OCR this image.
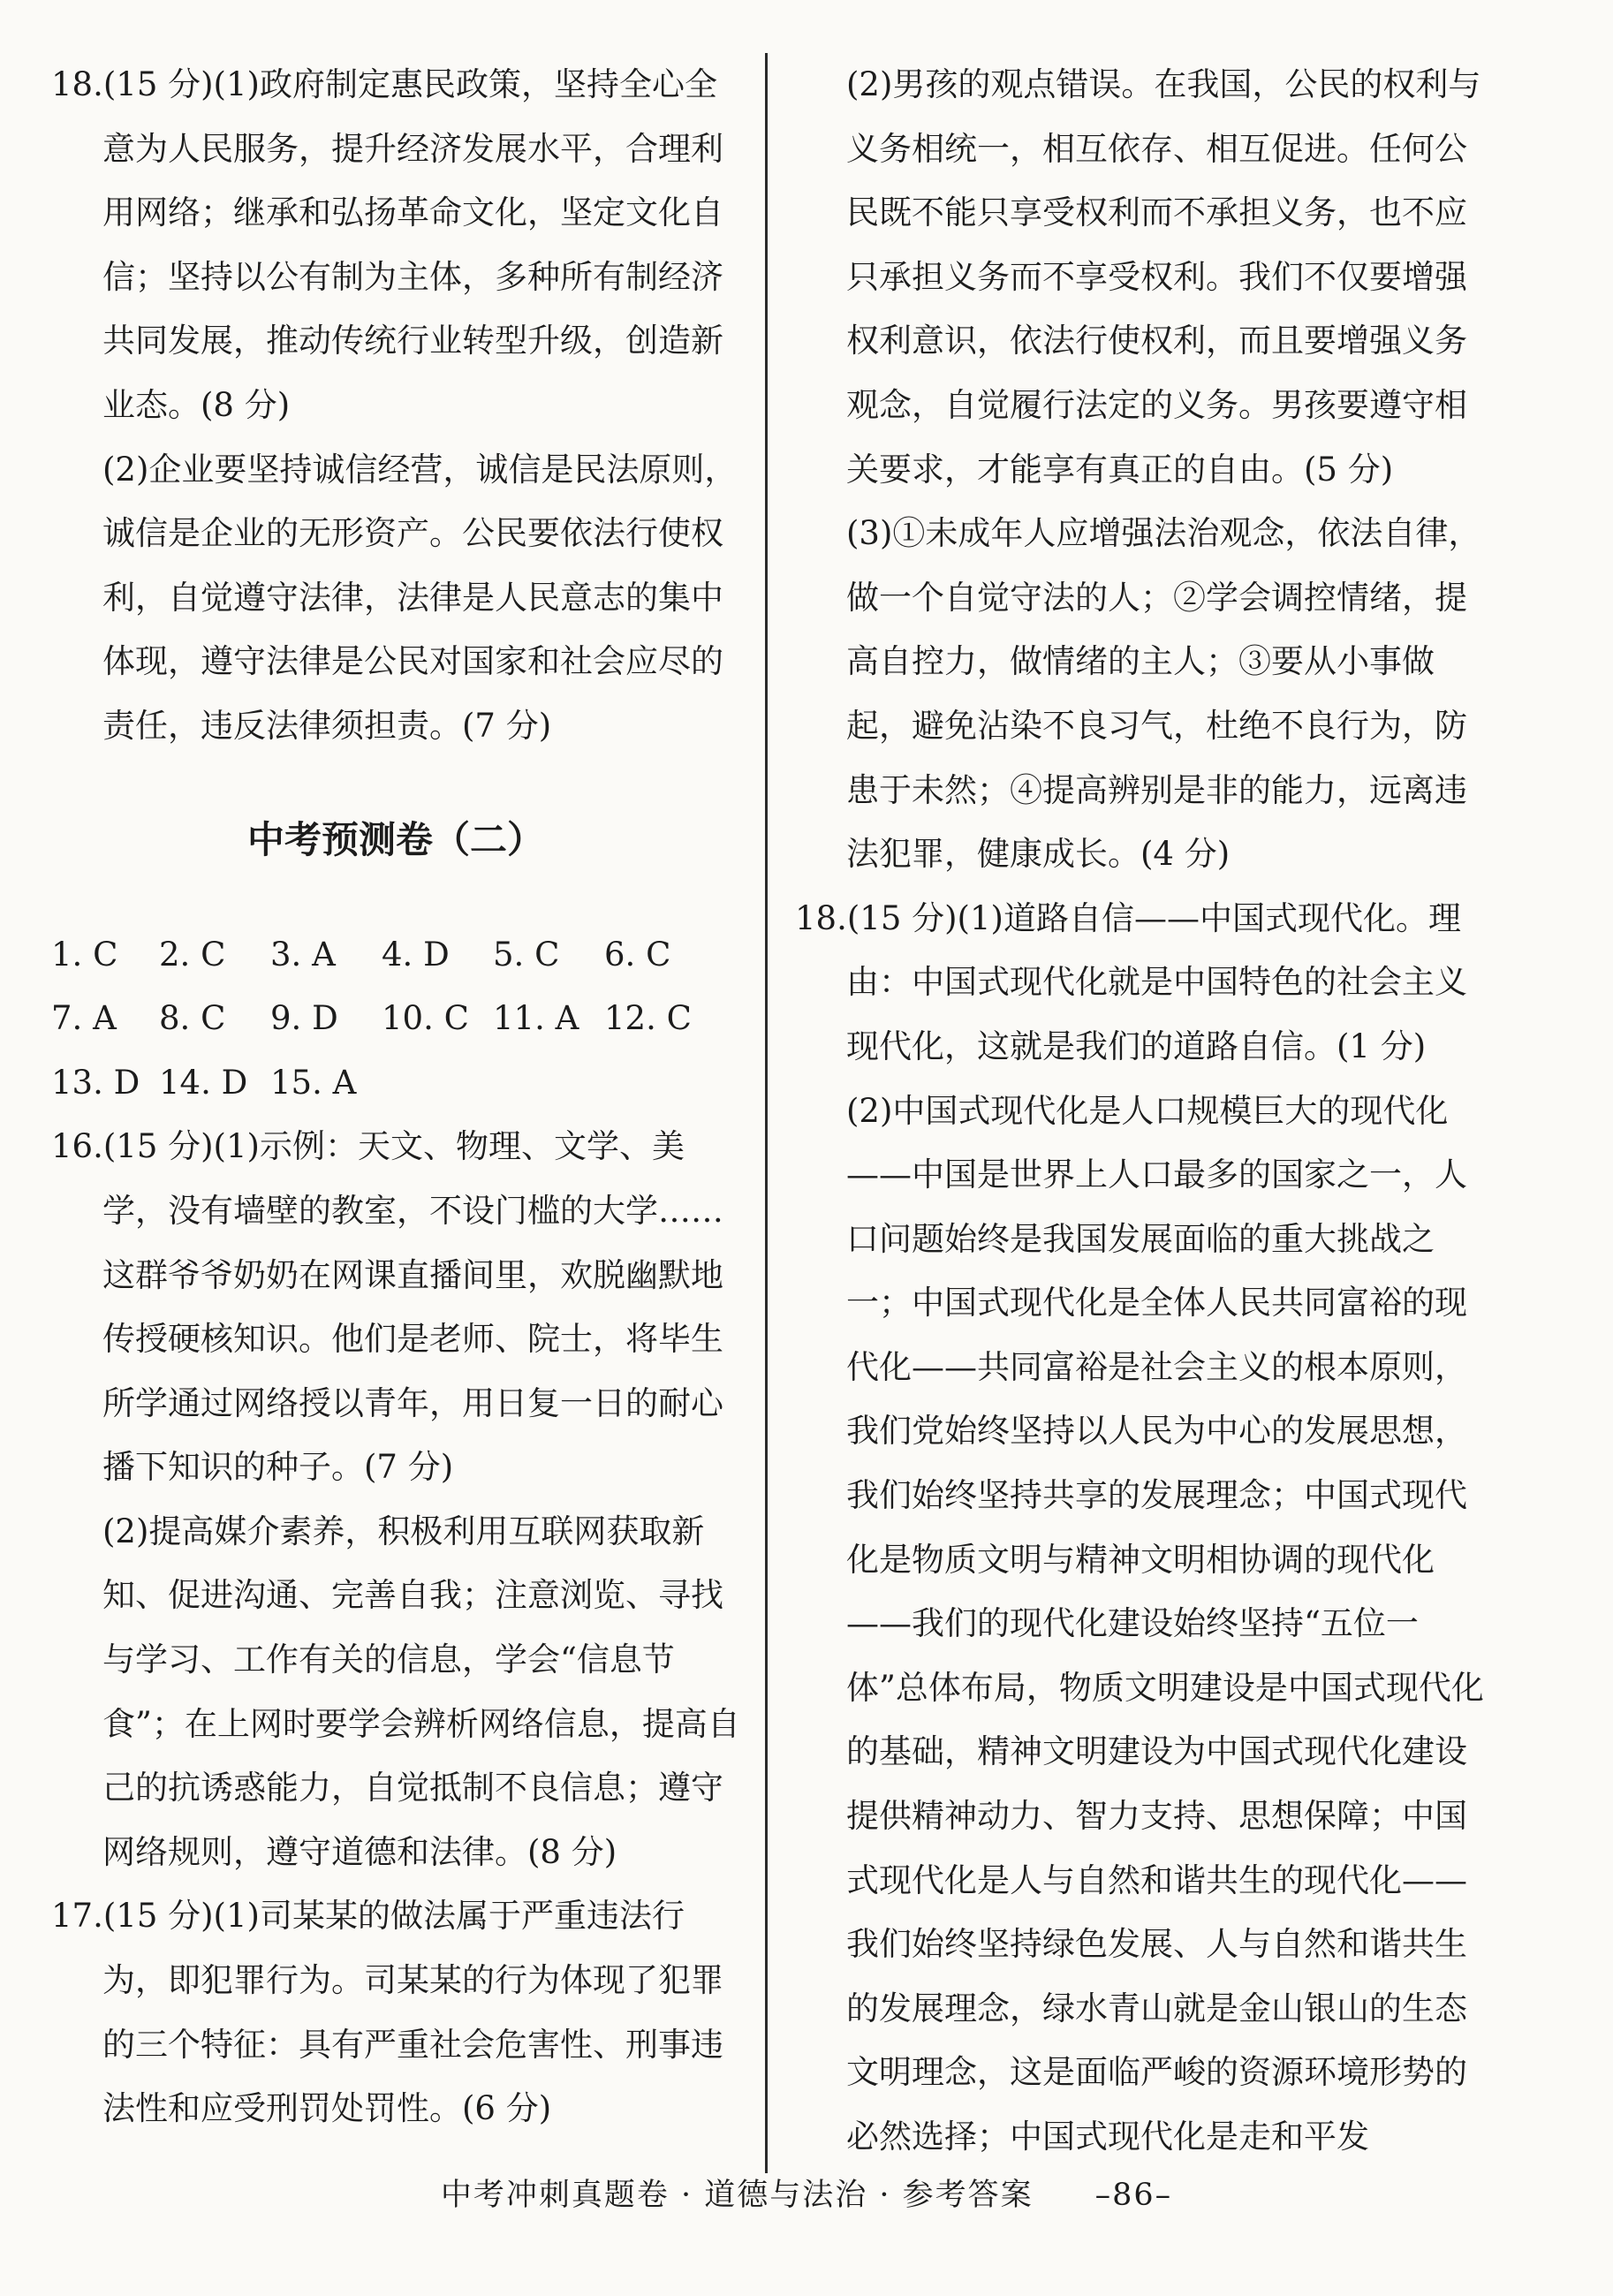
18.(15 分)(1)政府制定惠民政策，坚持全心全意为人民服务，提升经济发展水平，合理利用网络；继承和弘扬革命文化，坚定文化自信；坚持以公有制为主体，多种所有制经济共同发展，推动传统行业转型升级，创造新业态。(8 分)

(2)企业要坚持诚信经营，诚信是民法原则，诚信是企业的无形资产。公民要依法行使权利，自觉遵守法律，法律是人民意志的集中体现，遵守法律是公民对国家和社会应尽的责任，违反法律须担责。(7 分)

中考预测卷（二）
1. C	2. C	3. A	4. D	5. C	6. C
7. A	8. C	9. D	10. C 11. A 12. C
13. D 14. D 15. A

16.(15 分)(1)示例：天文、物理、文学、美学，没有墙壁的教室，不设门槛的大学……这群爷爷奶奶在网课直播间里，欢脱幽默地传授硬核知识。他们是老师、院士，将毕生所学通过网络授以青年，用日复一日的耐心播下知识的种子。(7 分)

(2)提高媒介素养，积极利用互联网获取新知、促进沟通、完善自我；注意浏览、寻找与学习、工作有关的信息，学会“信息节食”；在上网时要学会辨析网络信息，提高自己的抗诱惑能力，自觉抵制不良信息；遵守网络规则，遵守道德和法律。(8 分)

17.(15 分)(1)司某某的做法属于严重违法行为，即犯罪行为。司某某的行为体现了犯罪的三个特征：具有严重社会危害性、刑事违法性和应受刑罚处罚性。(6 分)

(2)男孩的观点错误。在我国，公民的权利与义务相统一，相互依存、相互促进。任何公民既不能只享受权利而不承担义务，也不应只承担义务而不享受权利。我们不仅要增强权利意识，依法行使权利，而且要增强义务观念，自觉履行法定的义务。男孩要遵守相关要求，才能享有真正的自由。(5 分)

(3)①未成年人应增强法治观念，依法自律，做一个自觉守法的人；②学会调控情绪，提高自控力，做情绪的主人；③要从小事做起，避免沾染不良习气，杜绝不良行为，防患于未然；④提高辨别是非的能力，远离违法犯罪，健康成长。(4 分)

18.(15 分)(1)道路自信——中国式现代化。理由：中国式现代化就是中国特色的社会主义现代化，这就是我们的道路自信。(1 分)

(2)中国式现代化是人口规模巨大的现代化——中国是世界上人口最多的国家之一，人口问题始终是我国发展面临的重大挑战之一；中国式现代化是全体人民共同富裕的现代化——共同富裕是社会主义的根本原则，我们党始终坚持以人民为中心的发展思想，我们始终坚持共享的发展理念；中国式现代化是物质文明与精神文明相协调的现代化——我们的现代化建设始终坚持“五位一体”总体布局，物质文明建设是中国式现代化的基础，精神文明建设为中国式现代化建设提供精神动力、智力支持、思想保障；中国式现代化是人与自然和谐共生的现代化——我们始终坚持绿色发展、人与自然和谐共生的发展理念，绿水青山就是金山银山的生态文明理念，这是面临严峻的资源环境形势的必然选择；中国式现代化是走和平发

中考冲刺真题卷 · 道德与法治 · 参考答案 –86–
